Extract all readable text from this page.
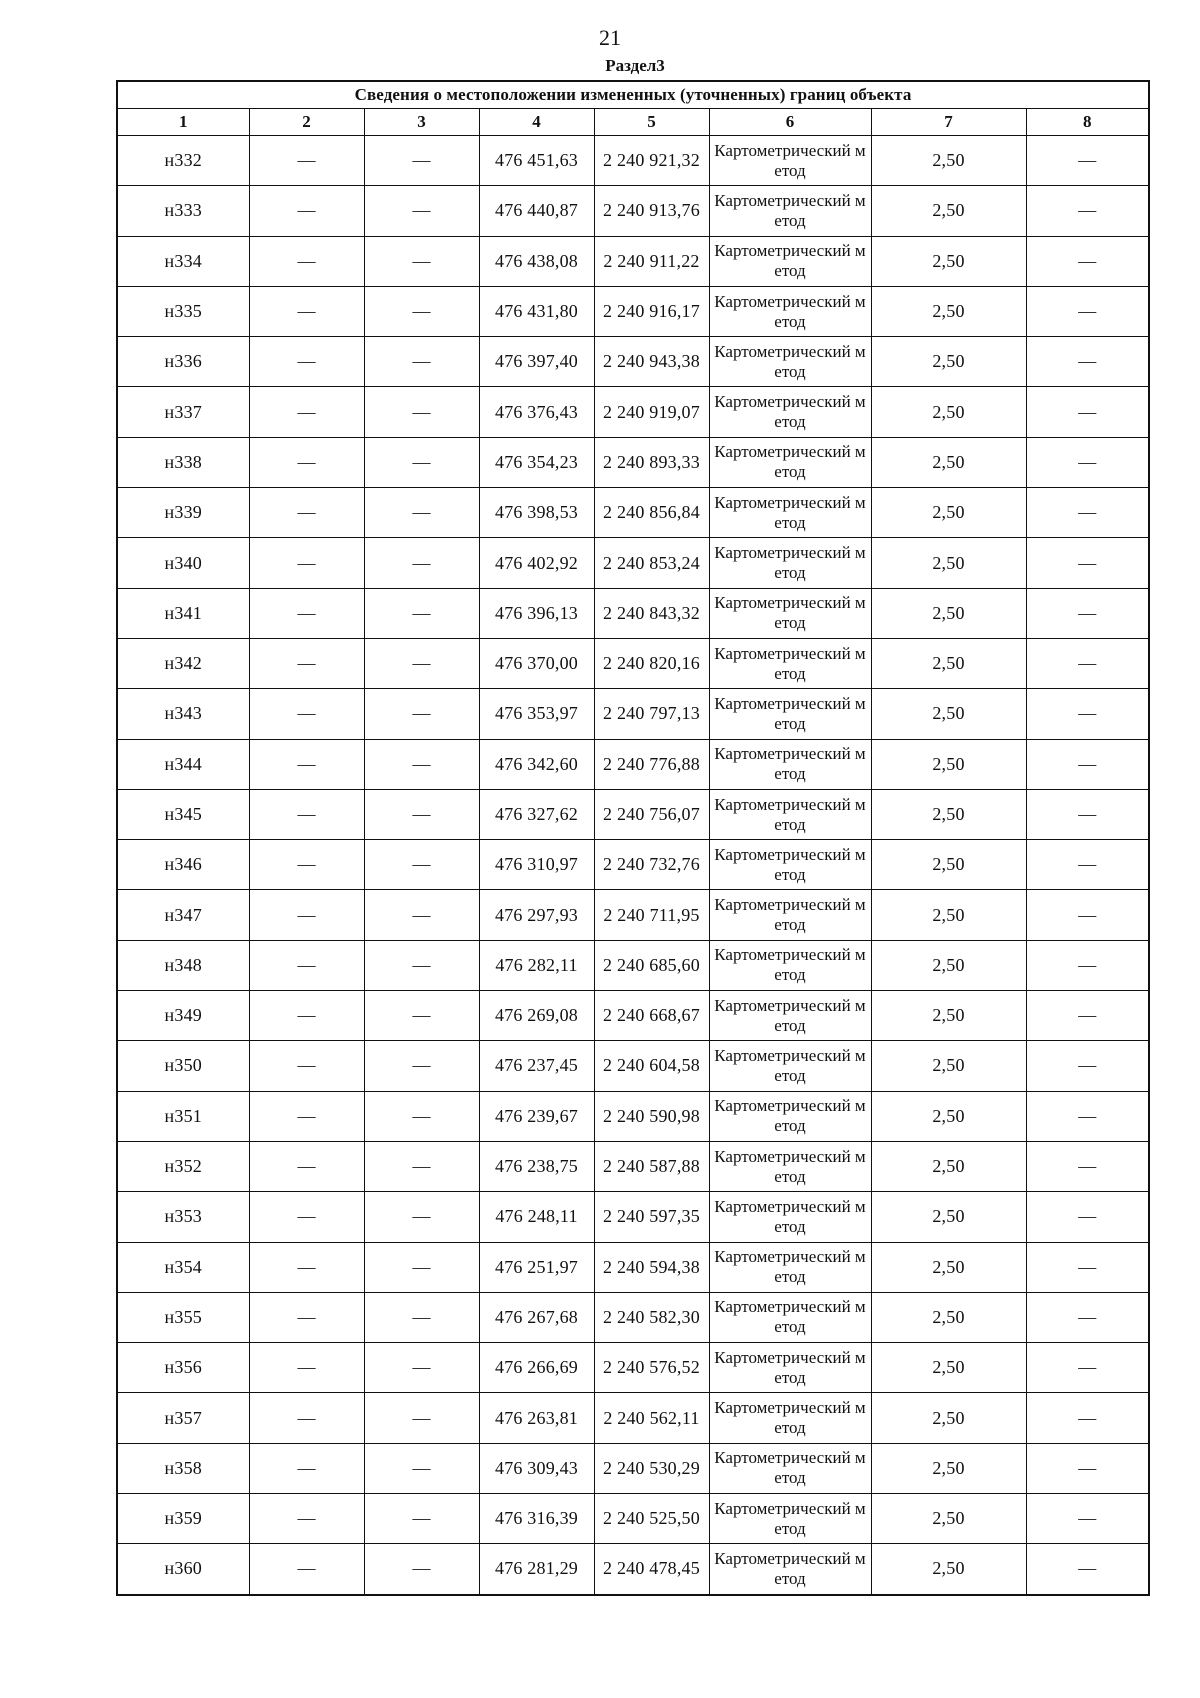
21
Раздел3
Сведения о местоположении измененных (уточненных) границ объекта							
1	2	3	4	5	6	7	8
н332	—	—	476 451,63	2 240 921,32	Картометрический метод	2,50	—
н333	—	—	476 440,87	2 240 913,76	Картометрический метод	2,50	—
н334	—	—	476 438,08	2 240 911,22	Картометрический метод	2,50	—
н335	—	—	476 431,80	2 240 916,17	Картометрический метод	2,50	—
н336	—	—	476 397,40	2 240 943,38	Картометрический метод	2,50	—
н337	—	—	476 376,43	2 240 919,07	Картометрический метод	2,50	—
н338	—	—	476 354,23	2 240 893,33	Картометрический метод	2,50	—
н339	—	—	476 398,53	2 240 856,84	Картометрический метод	2,50	—
н340	—	—	476 402,92	2 240 853,24	Картометрический метод	2,50	—
н341	—	—	476 396,13	2 240 843,32	Картометрический метод	2,50	—
н342	—	—	476 370,00	2 240 820,16	Картометрический метод	2,50	—
н343	—	—	476 353,97	2 240 797,13	Картометрический метод	2,50	—
н344	—	—	476 342,60	2 240 776,88	Картометрический метод	2,50	—
н345	—	—	476 327,62	2 240 756,07	Картометрический метод	2,50	—
н346	—	—	476 310,97	2 240 732,76	Картометрический метод	2,50	—
н347	—	—	476 297,93	2 240 711,95	Картометрический метод	2,50	—
н348	—	—	476 282,11	2 240 685,60	Картометрический метод	2,50	—
н349	—	—	476 269,08	2 240 668,67	Картометрический метод	2,50	—
н350	—	—	476 237,45	2 240 604,58	Картометрический метод	2,50	—
н351	—	—	476 239,67	2 240 590,98	Картометрический метод	2,50	—
н352	—	—	476 238,75	2 240 587,88	Картометрический метод	2,50	—
н353	—	—	476 248,11	2 240 597,35	Картометрический метод	2,50	—
н354	—	—	476 251,97	2 240 594,38	Картометрический метод	2,50	—
н355	—	—	476 267,68	2 240 582,30	Картометрический метод	2,50	—
н356	—	—	476 266,69	2 240 576,52	Картометрический метод	2,50	—
н357	—	—	476 263,81	2 240 562,11	Картометрический метод	2,50	—
н358	—	—	476 309,43	2 240 530,29	Картометрический метод	2,50	—
н359	—	—	476 316,39	2 240 525,50	Картометрический метод	2,50	—
н360	—	—	476 281,29	2 240 478,45	Картометрический метод	2,50	—
